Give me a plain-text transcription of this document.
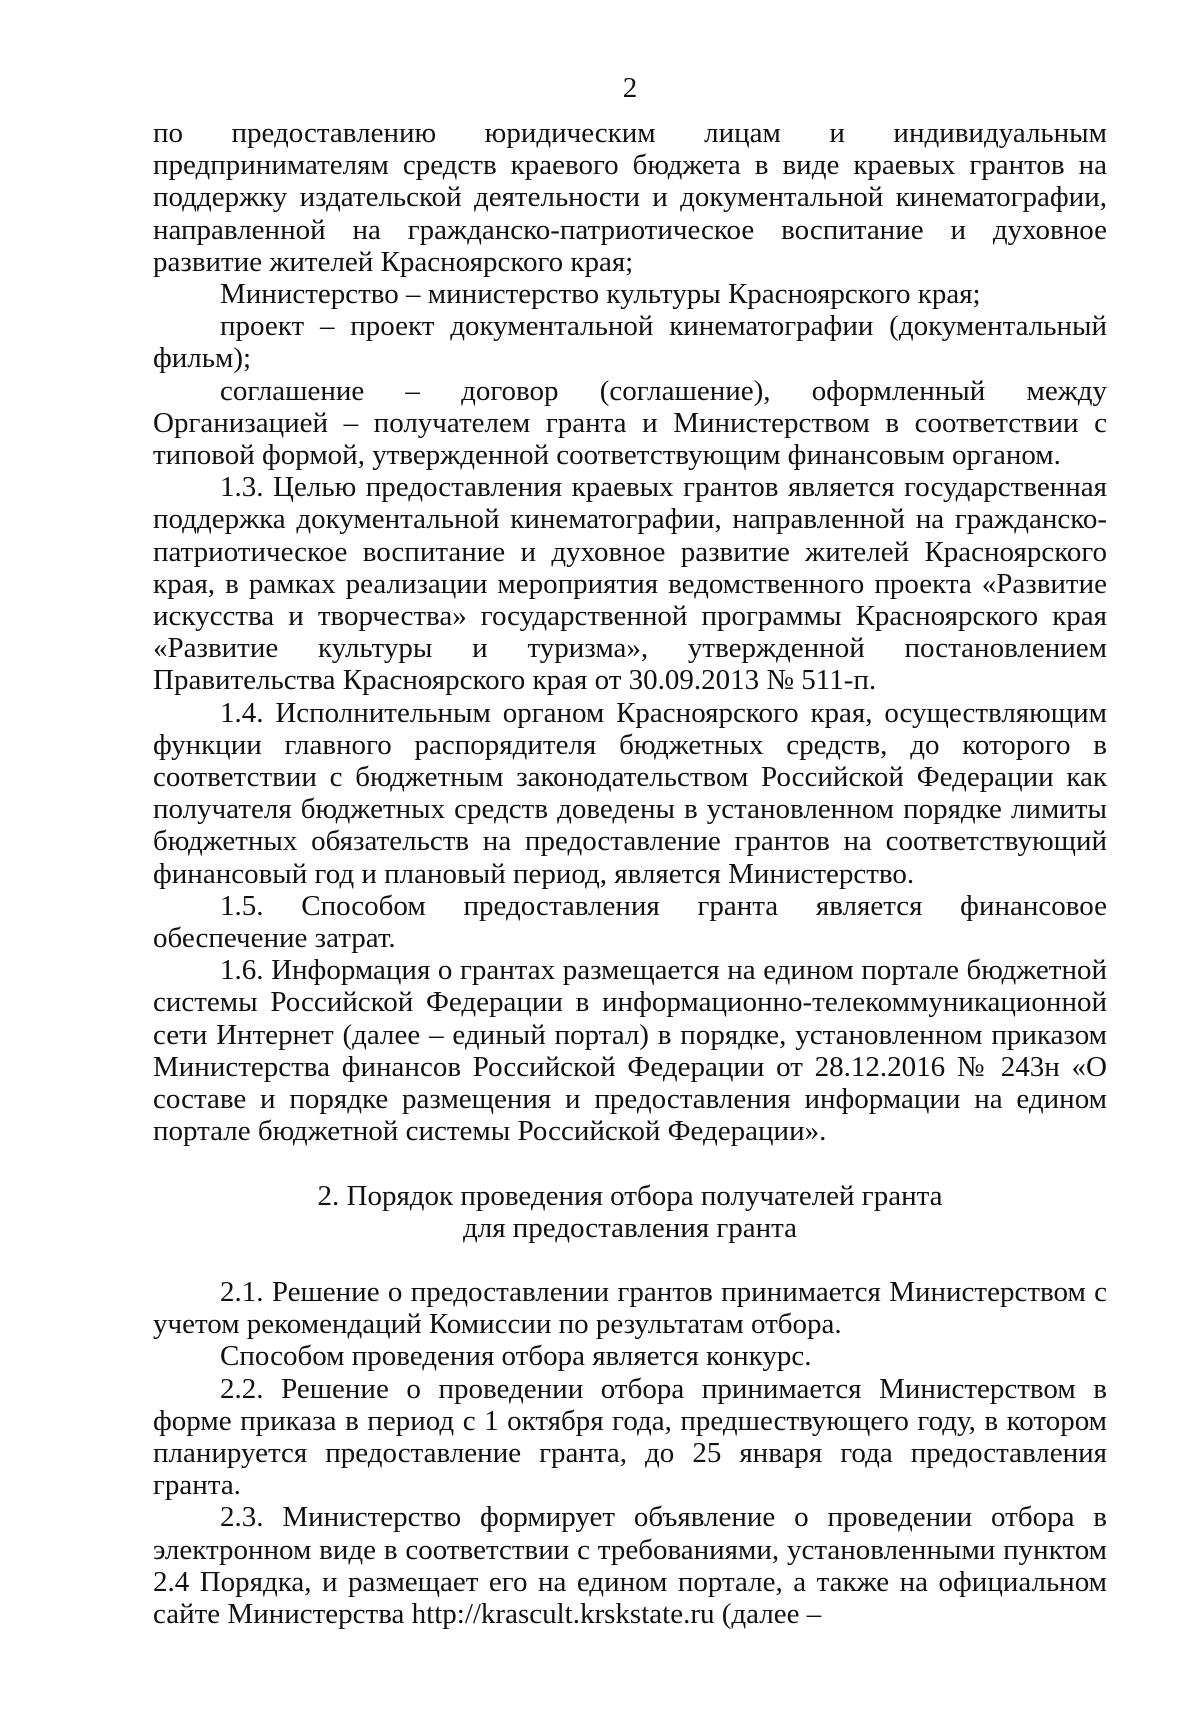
2

по предоставлению юридическим лицам и индивидуальным предпринимателям средств краевого бюджета в виде краевых грантов на поддержку издательской деятельности и документальной кинематографии, направленной на гражданско-патриотическое воспитание и духовное развитие жителей Красноярского края;

Министерство – министерство культуры Красноярского края;

проект – проект документальной кинематографии (документальный фильм);

соглашение – договор (соглашение), оформленный между Организацией – получателем гранта и Министерством в соответствии с типовой формой, утвержденной соответствующим финансовым органом.

1.3. Целью предоставления краевых грантов является государственная поддержка документальной кинематографии, направленной на гражданско-патриотическое воспитание и духовное развитие жителей Красноярского края, в рамках реализации мероприятия ведомственного проекта «Развитие искусства и творчества» государственной программы Красноярского края «Развитие культуры и туризма», утвержденной постановлением Правительства Красноярского края от 30.09.2013 № 511-п.

1.4. Исполнительным органом Красноярского края, осуществляющим функции главного распорядителя бюджетных средств, до которого в соответствии с бюджетным законодательством Российской Федерации как получателя бюджетных средств доведены в установленном порядке лимиты бюджетных обязательств на предоставление грантов на соответствующий финансовый год и плановый период, является Министерство.

1.5. Способом предоставления гранта является финансовое обеспечение затрат.

1.6. Информация о грантах размещается на едином портале бюджетной системы Российской Федерации в информационно-телекоммуникационной сети Интернет (далее – единый портал) в порядке, установленном приказом Министерства финансов Российской Федерации от 28.12.2016 № 243н «О составе и порядке размещения и предоставления информации на едином портале бюджетной системы Российской Федерации».

2. Порядок проведения отбора получателей гранта
для предоставления гранта

2.1. Решение о предоставлении грантов принимается Министерством с учетом рекомендаций Комиссии по результатам отбора.

Способом проведения отбора является конкурс.

2.2. Решение о проведении отбора принимается Министерством в форме приказа в период с 1 октября года, предшествующего году, в котором планируется предоставление гранта, до 25 января года предоставления гранта.

2.3. Министерство формирует объявление о проведении отбора в электронном виде в соответствии с требованиями, установленными пунктом 2.4 Порядка, и размещает его на едином портале, а также на официальном сайте Министерства http://krascult.krskstate.ru (далее –
